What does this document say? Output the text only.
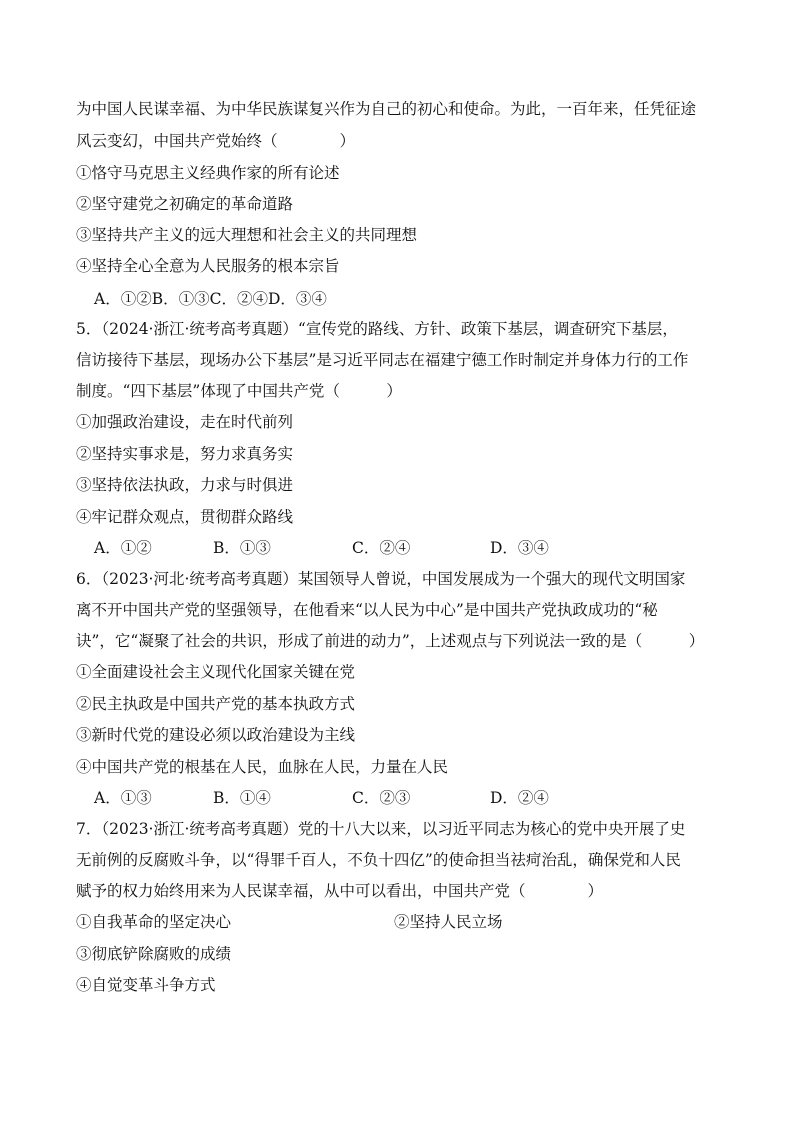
为中国人民谋幸福、为中华民族谋复兴作为自己的初心和使命。为此，一百年来，任凭征途
风云变幻，中国共产党始终（　　　　）
①恪守马克思主义经典作家的所有论述
②坚守建党之初确定的革命道路
③坚持共产主义的远大理想和社会主义的共同理想
④坚持全心全意为人民服务的根本宗旨
A．①②B．①③C．②④D．③④
5．（2024·浙江·统考高考真题）“宣传党的路线、方针、政策下基层，调查研究下基层，
信访接待下基层，现场办公下基层”是习近平同志在福建宁德工作时制定并身体力行的工作
制度。“四下基层”体现了中国共产党（　　　）
①加强政治建设，走在时代前列
②坚持实事求是，努力求真务实
③坚持依法执政，力求与时俱进
④牢记群众观点，贯彻群众路线
A．①②	B．①③	C．②④	D．③④
6．（2023·河北·统考高考真题）某国领导人曾说，中国发展成为一个强大的现代文明国家
离不开中国共产党的坚强领导，在他看来“以人民为中心”是中国共产党执政成功的“秘
诀”，它“凝聚了社会的共识，形成了前进的动力”，上述观点与下列说法一致的是（　　　）
①全面建设社会主义现代化国家关键在党
②民主执政是中国共产党的基本执政方式
③新时代党的建设必须以政治建设为主线
④中国共产党的根基在人民，血脉在人民，力量在人民
A．①③	B．①④	C．②③	D．②④
7．（2023·浙江·统考高考真题）党的十八大以来，以习近平同志为核心的党中央开展了史
无前例的反腐败斗争，以“得罪千百人，不负十四亿”的使命担当祛疴治乱，确保党和人民
赋予的权力始终用来为人民谋幸福，从中可以看出，中国共产党（　　　　）
①自我革命的坚定决心	②坚持人民立场
③彻底铲除腐败的成绩
④自觉变革斗争方式
